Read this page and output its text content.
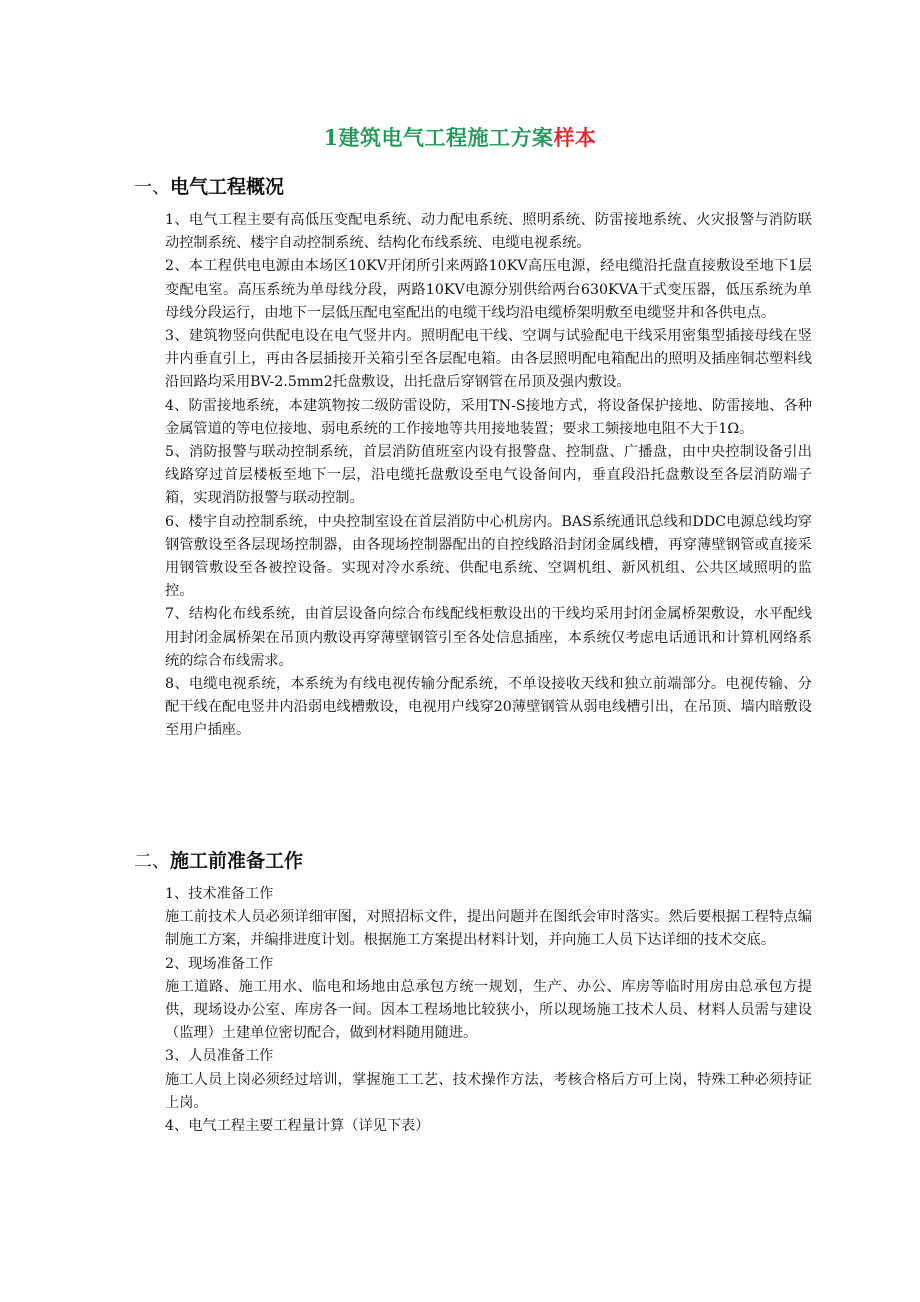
1建筑电气工程施工方案样本
一、电气工程概况

1、电气工程主要有高低压变配电系统、动力配电系统、照明系统、防雷接地系统、火灾报警与消防联动控制系统、楼宇自动控制系统、结构化布线系统、电缆电视系统。

2、本工程供电电源由本场区10KV开闭所引来两路10KV高压电源，经电缆沿托盘直接敷设至地下1层变配电室。高压系统为单母线分段，两路10KV电源分别供给两台630KVA干式变压器，低压系统为单母线分段运行，由地下一层低压配电室配出的电缆干线均沿电缆桥架明敷至电缆竖井和各供电点。

3、建筑物竖向供配电设在电气竖井内。照明配电干线、空调与试验配电干线采用密集型插接母线在竖井内垂直引上，再由各层插接开关箱引至各层配电箱。由各层照明配电箱配出的照明及插座铜芯塑料线沿回路均采用BV-2.5mm2托盘敷设，出托盘后穿钢管在吊顶及强内敷设。

4、防雷接地系统，本建筑物按二级防雷设防，采用TN-S接地方式，将设备保护接地、防雷接地、各种金属管道的等电位接地、弱电系统的工作接地等共用接地装置；要求工频接地电阻不大于1Ω。

5、消防报警与联动控制系统，首层消防值班室内设有报警盘、控制盘、广播盘，由中央控制设备引出线路穿过首层楼板至地下一层，沿电缆托盘敷设至电气设备间内，垂直段沿托盘敷设至各层消防端子箱，实现消防报警与联动控制。

6、楼宇自动控制系统，中央控制室设在首层消防中心机房内。BAS系统通讯总线和DDC电源总线均穿钢管敷设至各层现场控制器，由各现场控制器配出的自控线路沿封闭金属线槽，再穿薄壁钢管或直接采用钢管敷设至各被控设备。实现对冷水系统、供配电系统、空调机组、新风机组、公共区域照明的监控。

7、结构化布线系统，由首层设备向综合布线配线柜敷设出的干线均采用封闭金属桥架敷设，水平配线用封闭金属桥架在吊顶内敷设再穿薄壁钢管引至各处信息插座，本系统仅考虑电话通讯和计算机网络系统的综合布线需求。

8、电缆电视系统，本系统为有线电视传输分配系统，不单设接收天线和独立前端部分。电视传输、分配干线在配电竖井内沿弱电线槽敷设，电视用户线穿20薄壁钢管从弱电线槽引出，在吊顶、墙内暗敷设至用户插座。

二、施工前准备工作

1、技术准备工作

施工前技术人员必须详细审图，对照招标文件，提出问题并在图纸会审时落实。然后要根据工程特点编制施工方案，并编排进度计划。根据施工方案提出材料计划，并向施工人员下达详细的技术交底。

2、现场准备工作

施工道路、施工用水、临电和场地由总承包方统一规划，生产、办公、库房等临时用房由总承包方提供，现场设办公室、库房各一间。因本工程场地比较狭小，所以现场施工技术人员、材料人员需与建设（监理）土建单位密切配合，做到材料随用随进。

3、人员准备工作

施工人员上岗必须经过培训，掌握施工工艺、技术操作方法，考核合格后方可上岗，特殊工种必须持证上岗。

4、电气工程主要工程量计算（详见下表）
